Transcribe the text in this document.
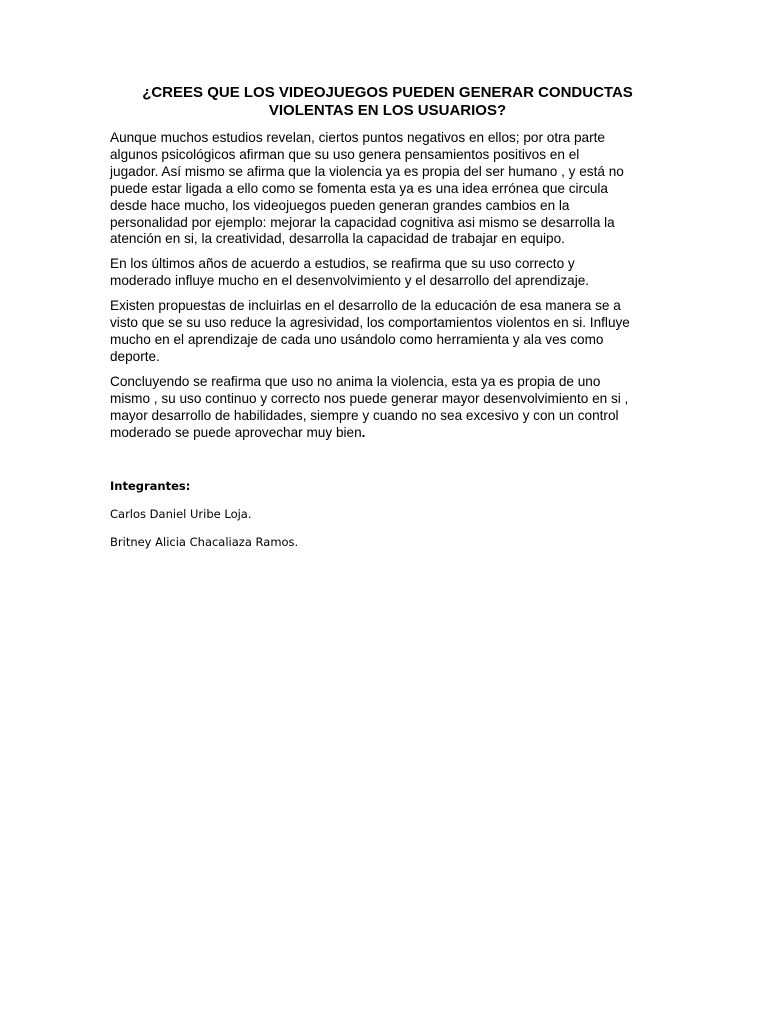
¿CREES QUE LOS VIDEOJUEGOS PUEDEN GENERAR CONDUCTAS
VIOLENTAS EN LOS USUARIOS?

Aunque muchos estudios revelan, ciertos puntos negativos en ellos; por otra parte
algunos psicológicos afirman que su uso genera pensamientos positivos en el
jugador. Así mismo se afirma que la violencia ya es propia del ser humano , y está no
puede estar ligada a ello como se fomenta esta ya es una idea errónea que circula
desde hace mucho, los videojuegos pueden generan grandes cambios en la
personalidad por ejemplo: mejorar la capacidad cognitiva asi mismo se desarrolla la
atención en si, la creatividad, desarrolla la capacidad de trabajar en equipo.

En los últimos años de acuerdo a estudios, se reafirma que su uso correcto y
moderado influye mucho en el desenvolvimiento y el desarrollo del aprendizaje.

Existen propuestas de incluirlas en el desarrollo de la educación de esa manera se a
visto que se su uso reduce la agresividad, los comportamientos violentos en si. Influye
mucho en el aprendizaje de cada uno usándolo como herramienta y ala ves como
deporte.

Concluyendo se reafirma que uso no anima la violencia, esta ya es propia de uno
mismo , su uso continuo y correcto nos puede generar mayor desenvolvimiento en si ,
mayor desarrollo de habilidades, siempre y cuando no sea excesivo y con un control
moderado se puede aprovechar muy bien.

Integrantes:

Carlos Daniel Uribe Loja.

Britney Alicia Chacaliaza Ramos.
